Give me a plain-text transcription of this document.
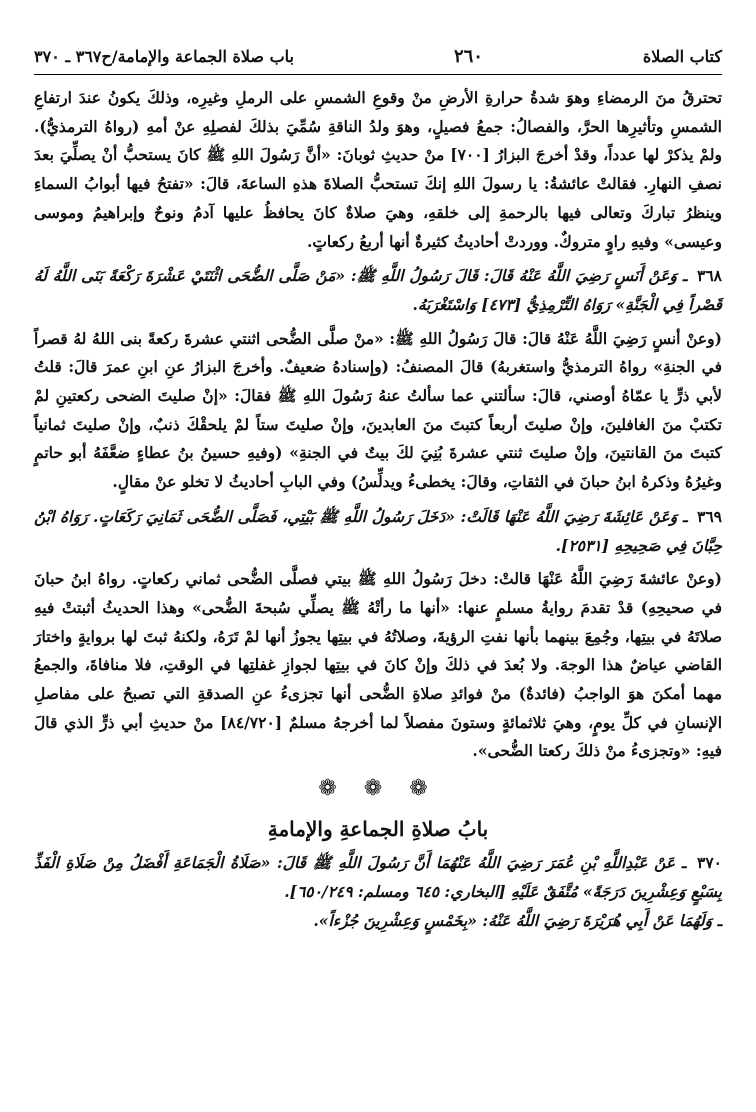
كتاب الصلاة
٢٦٠
باب صلاة الجماعة والإمامة/ح٣٦٧ ـ ٣٧٠

تحترقُ منَ الرمضاءِ وهوَ شدةُ حرارةِ الأرضِ منْ وقوعِ الشمسِ على الرملِ وغيرِه، وذلكَ يكونُ عندَ ارتفاعِ الشمسِ وتأثيرِها الحرَّ، والفصالُ: جمعُ فصيلٍ، وهوَ ولدُ الناقةِ سُمِّيَ بذلكَ لفصلِهِ عنْ أمهِ (رواهُ الترمذيُّ). ولمْ يذكرْ لها عدداً، وقدْ أخرجَ البزارُ [٧٠٠] منْ حديثِ ثوبانَ: «أنَّ رَسُولَ اللهِ ﷺ كانَ يستحبُّ أنْ يصلِّيَ بعدَ نصفِ النهارِ. فقالتْ عائشةُ: يا رسولَ اللهِ إنكَ تستحبُّ الصلاةَ هذهِ الساعةَ، قالَ: «تفتحُ فيها أبوابُ السماءِ وينظرُ تباركَ وتعالى فيها بالرحمةِ إلى خلقهِ، وهيَ صلاةٌ كانَ يحافظُ عليها آدمُ ونوحٌ وإبراهيمُ وموسى وعيسى» وفيهِ راوٍ متروكٌ. ووردتْ أحاديثُ كثيرةٌ أنها أربعُ ركعاتٍ.

٣٦٨ ـ وَعَنْ أَنَسٍ رَضِيَ اللَّهُ عَنْهُ قَالَ: قَالَ رَسُولُ اللَّهِ ﷺ: «مَنْ صَلَّى الضُّحَى اثْنَتَيْ عَشْرَةَ رَكْعَةً بَنَى اللَّهُ لَهُ قَصْراً فِي الْجَنَّةِ» رَوَاهُ التِّرْمِذِيُّ [٤٧٣] وَاسْتَغْرَبَهُ.

(وعنْ أنسٍ رَضِيَ اللَّهُ عَنْهُ قالَ: قالَ رَسُولُ اللهِ ﷺ: «منْ صلَّى الضُّحى اثنتي عشرةَ ركعةً بنى اللهُ لهُ قصراً في الجنةِ» رواهُ الترمذيُّ واستغربهُ) قالَ المصنفُ: (وإسنادهُ ضعيفٌ. وأخرجَ البزارُ عنِ ابنِ عمرَ قالَ: قلتُ لأبي ذرٍّ يا عمّاهُ أوصني، قالَ: سألتني عما سألتُ عنهُ رَسُولَ اللهِ ﷺ فقالَ: «إنْ صليتَ الضحى ركعتينِ لمْ تكتبْ منَ الغافلينَ، وإنْ صليتَ أربعاً كتبتَ منَ العابدينَ، وإنْ صليتَ ستاً لمْ يلحقْكَ ذنبٌ، وإنْ صليتَ ثمانياً كتبتَ منَ القانتينَ، وإنْ صليتَ ثنتي عشرةَ بُنِيَ لكَ بيتٌ في الجنةِ» (وفيهِ حسينُ بنُ عطاءٍ ضعَّفَهُ أبو حاتمٍ وغيرُهُ وذكرهُ ابنُ حبانَ في الثقاتِ، وقالَ: يخطىءُ ويدلِّسُ) وفي البابِ أحاديثُ لا تخلو عنْ مقالٍ.

٣٦٩ ـ وَعَنْ عَائِشَةَ رَضِيَ اللَّهُ عَنْهَا قَالَتْ: «دَخَلَ رَسُولُ اللَّهِ ﷺ بَيْتِي، فَصَلَّى الضُّحَى ثَمَانِيَ رَكَعَاتٍ. رَوَاهُ ابْنُ حِبَّانَ فِي صَحِيحِهِ [٢٥٣١].

(وعنْ عائشةَ رَضِيَ اللَّهُ عَنْهَا قالتْ: دخلَ رَسُولُ اللهِ ﷺ بيتي فصلَّى الضُّحى ثماني ركعاتٍ. رواهُ ابنُ حبانَ في صحيحِهِ) قدْ تقدمَ روايةُ مسلمٍ عنها: «أنها ما رأتْهُ ﷺ يصلِّي سُبحةَ الضُّحى» وهذا الحديثُ أثبتتْ فيهِ صلاتَهُ في بيتِها، وجُمِعَ بينهما بأنها نفتِ الرؤيةَ، وصلاتُهُ في بيتِها يجوزُ أنها لمْ تَرَهُ، ولكنهُ ثبتَ لها بروايةٍ واختارَ القاضي عياضٌ هذا الوجهَ. ولا بُعدَ في ذلكَ وإنْ كانَ في بيتِها لجوازِ غفلتِها في الوقتِ، فلا منافاةَ، والجمعُ مهما أمكنَ هوَ الواجبُ (فائدةٌ) منْ فوائدِ صلاةِ الضُّحى أنها تجزىءُ عنِ الصدقةِ التي تصبحُ على مفاصلِ الإنسانِ في كلِّ يومٍ، وهيَ ثلاثمائةٍ وستونَ مفصلاً لما أخرجهُ مسلمٌ [٨٤/٧٢٠] منْ حديثِ أبي ذرٍّ الذي قالَ فيهِ: «وتجزىءُ منْ ذلكَ ركعتا الضُّحى».

❁ ❁ ❁
بابُ صلاةِ الجماعةِ والإمامةِ
٣٧٠ ـ عَنْ عَبْدِاللَّهِ بْنِ عُمَرَ رَضِيَ اللَّهُ عَنْهُمَا أَنَّ رَسُولَ اللَّهِ ﷺ قَالَ: «صَلَاةُ الْجَمَاعَةِ أَفْضَلُ مِنْ صَلَاةِ الْفَذِّ بِسَبْعٍ وَعِشْرِينَ دَرَجَةً» مُتَّفَقٌ عَلَيْهِ [البخاري: ٦٤٥ ومسلم: ٦٥٠/٢٤٩].
ـ وَلَهُمَا عَنْ أَبِي هُرَيْرَةَ رَضِيَ اللَّهُ عَنْهُ: «بِخَمْسٍ وَعِشْرِينَ جُزْءاً».
